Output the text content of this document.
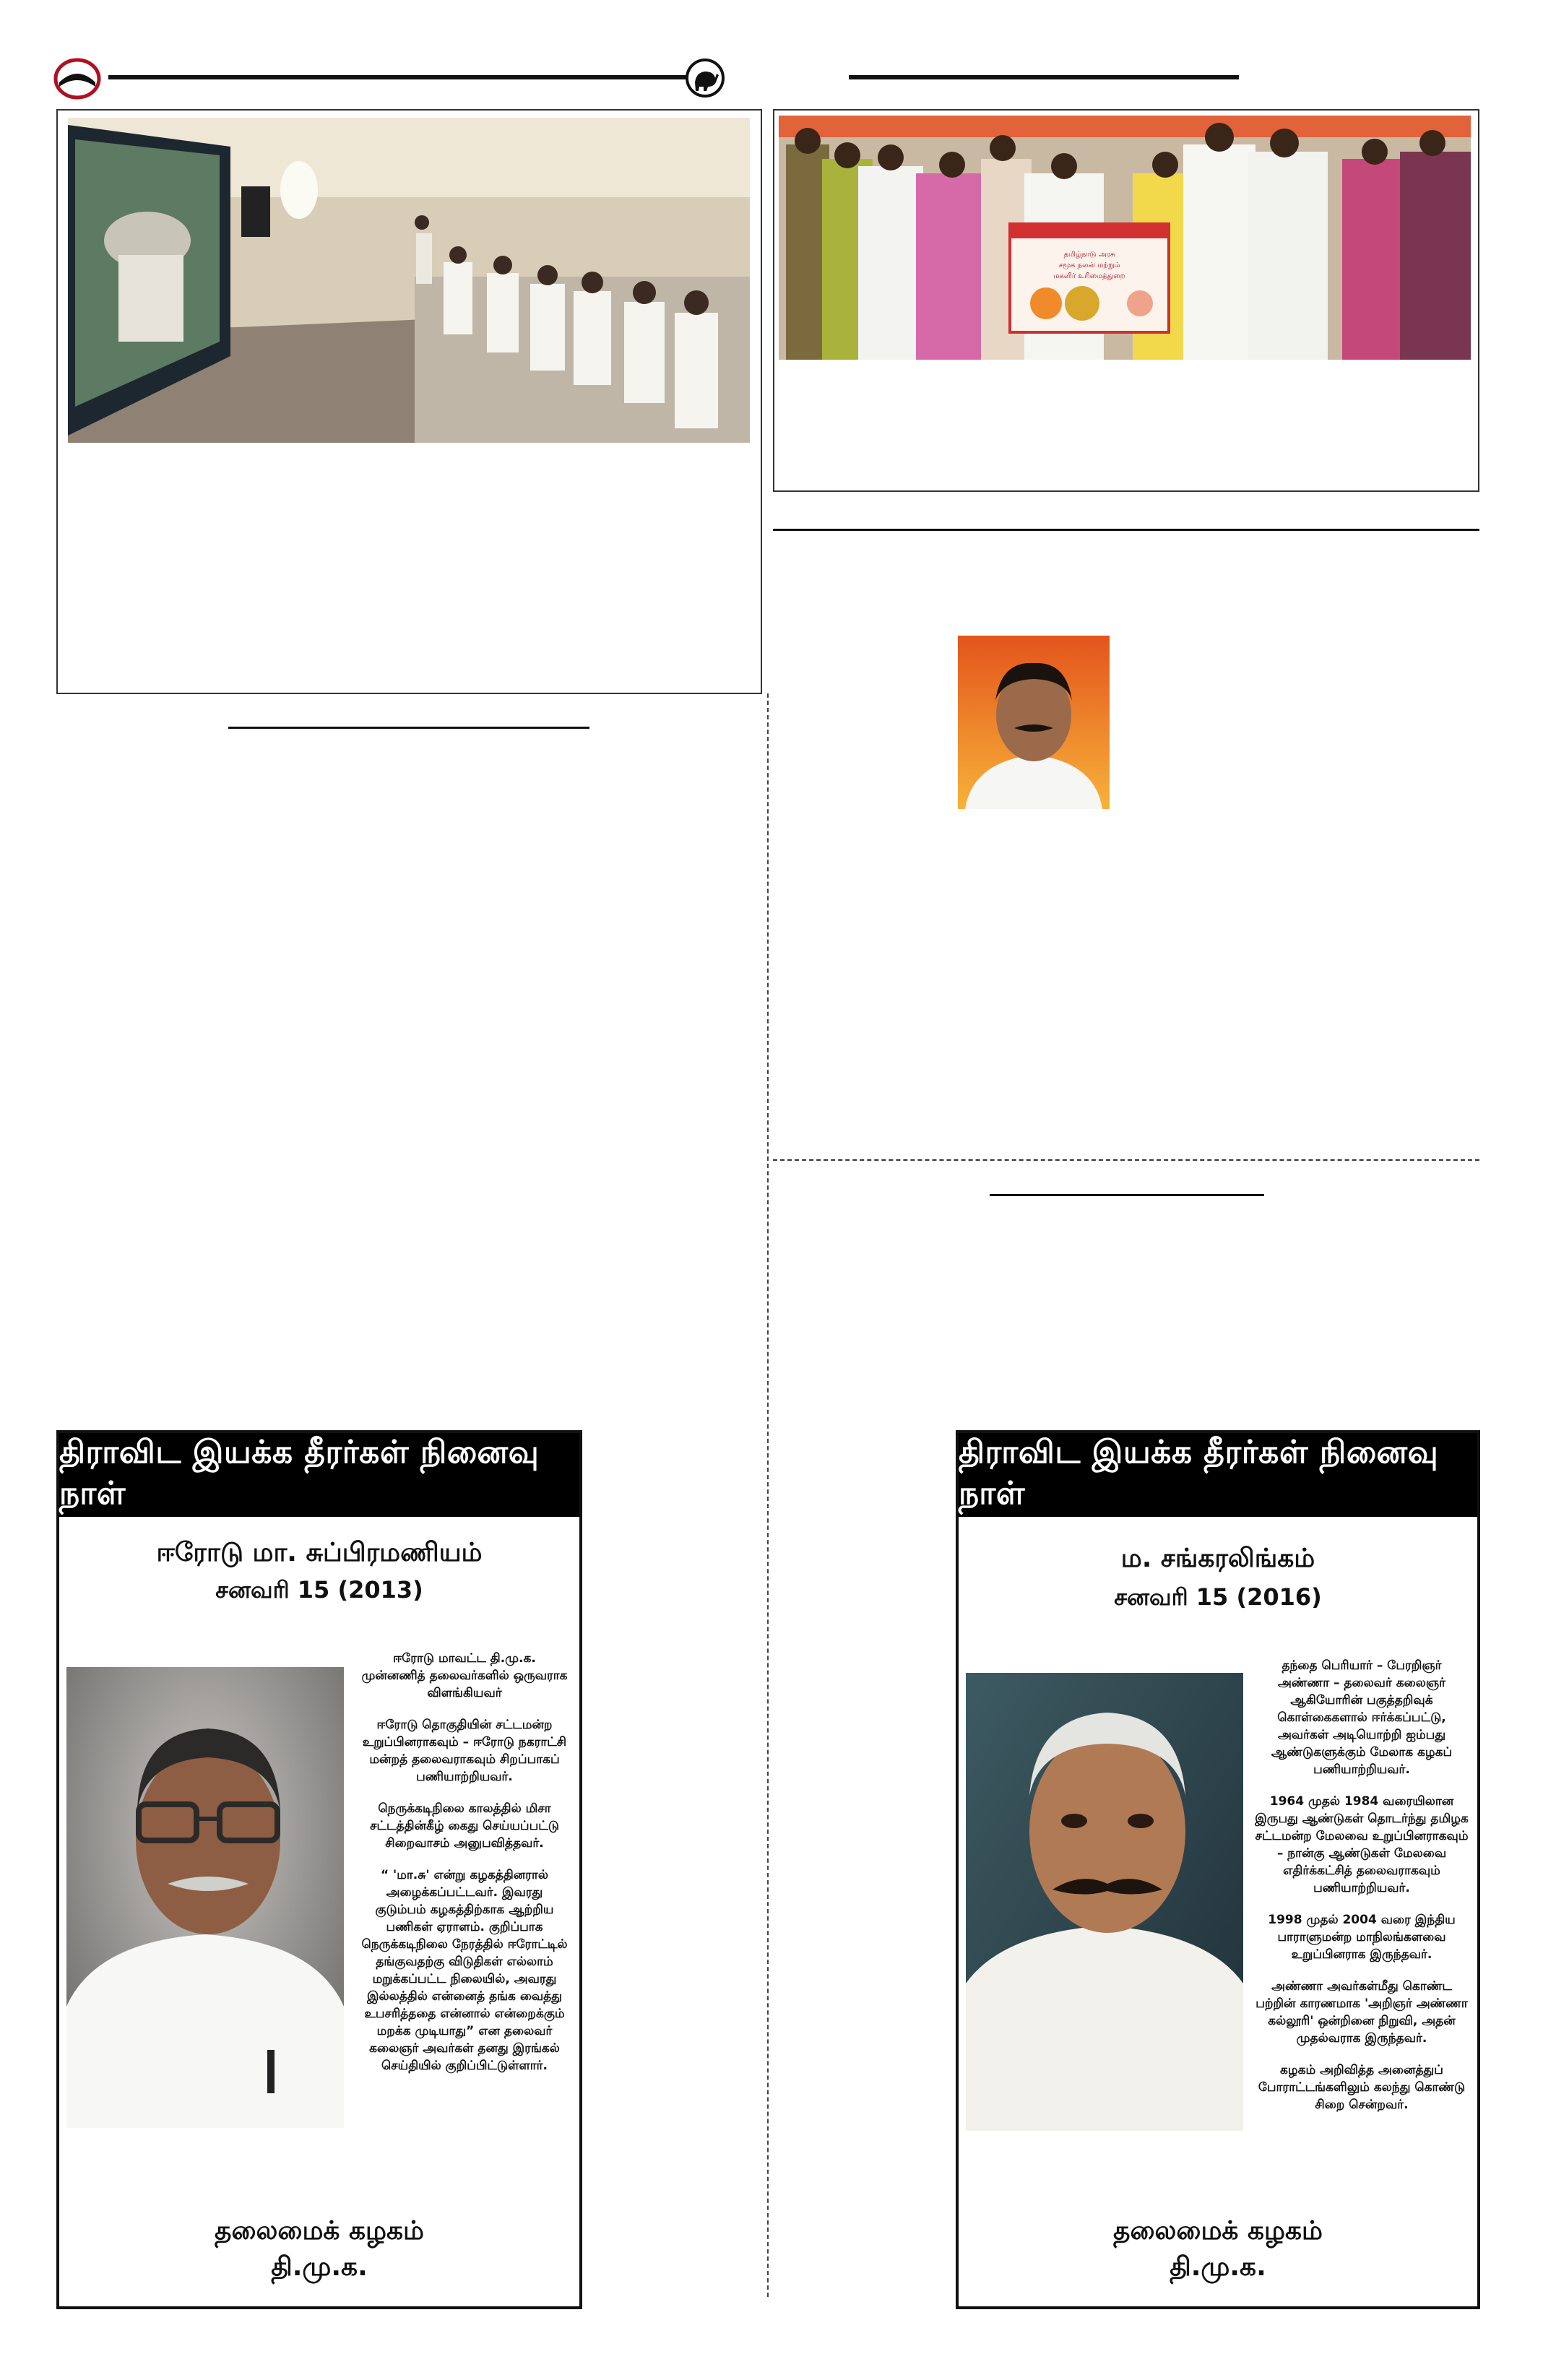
தமிழ்நாடு அரசு
சமூக நலன் மற்றும்
மகளிர் உரிமைத்துறை
திராவிட இயக்க தீரர்கள் நினைவு நாள்
ஈரோடு மா. சுப்பிரமணியம்
சனவரி 15 (2013)

ஈரோடு மாவட்ட தி.மு.க. முன்னணித் தலைவர்களில் ஒருவராக விளங்கியவர்

ஈரோடு தொகுதியின் சட்டமன்ற உறுப்பினராகவும் – ஈரோடு நகராட்சி மன்றத் தலைவராகவும் சிறப்பாகப் பணியாற்றியவர்.

நெருக்கடிநிலை காலத்தில் மிசா சட்டத்தின்கீழ் கைது செய்யப்பட்டு சிறைவாசம் அனுபவித்தவர்.

“ 'மா.சு' என்று கழகத்தினரால் அழைக்கப்பட்டவர். இவரது குடும்பம் கழகத்திற்காக ஆற்றிய பணிகள் ஏராளம். குறிப்பாக நெருக்கடிநிலை நேரத்தில் ஈரோட்டில் தங்குவதற்கு விடுதிகள் எல்லாம் மறுக்கப்பட்ட நிலையில், அவரது இல்லத்தில் என்னைத் தங்க வைத்து உபசரித்ததை என்னால் என்றைக்கும் மறக்க முடியாது” என தலைவர் கலைஞர் அவர்கள் தனது இரங்கல் செய்தியில் குறிப்பிட்டுள்ளார்.

தலைமைக் கழகம்
தி.மு.க.
திராவிட இயக்க தீரர்கள் நினைவு நாள்
ம. சங்கரலிங்கம்
சனவரி 15 (2016)

தந்தை பெரியார் – பேரறிஞர் அண்ணா – தலைவர் கலைஞர் ஆகியோரின் பகுத்தறிவுக் கொள்கைகளால் ஈர்க்கப்பட்டு, அவர்கள் அடியொற்றி ஐம்பது ஆண்டுகளுக்கும் மேலாக கழகப் பணியாற்றியவர்.

1964 முதல் 1984 வரையிலான இருபது ஆண்டுகள் தொடர்ந்து தமிழக சட்டமன்ற மேலவை உறுப்பினராகவும் – நான்கு ஆண்டுகள் மேலவை எதிர்க்கட்சித் தலைவராகவும் பணியாற்றியவர்.

1998 முதல் 2004 வரை இந்திய பாராளுமன்ற மாநிலங்களவை உறுப்பினராக இருந்தவர்.

அண்ணா அவர்கள்மீது கொண்ட பற்றின் காரணமாக 'அறிஞர் அண்ணா கல்லூரி' ஒன்றினை நிறுவி, அதன் முதல்வராக இருந்தவர்.

கழகம் அறிவித்த அனைத்துப் போராட்டங்களிலும் கலந்து கொண்டு சிறை சென்றவர்.

தலைமைக் கழகம்
தி.மு.க.
